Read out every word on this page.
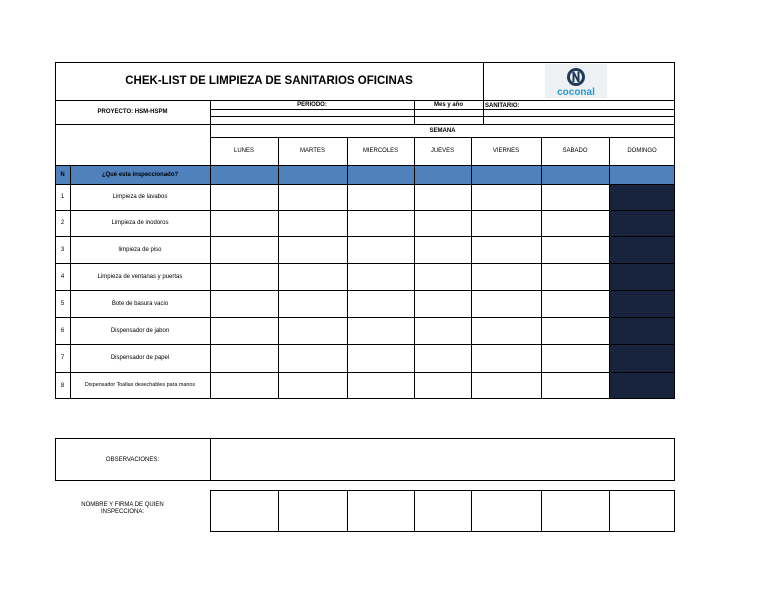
CHEK-LIST DE LIMPIEZA DE SANITARIOS OFICINAS
coconal
PROYECTO: HSM-HSPM
PERIODO:	Mes y año	SANITARIO:
SEMANA
LUNES	MARTES	MIERCOLES	JUEVES	VIERNES	SABADO	DOMINGO
N	¿Qué esta inspeccionado?
1	Limpieza de lavabos
2	Limpieza de inodoros
3	limpieza de piso
4	Limpieza de ventanas y puertas
5	Bote de basura vacio
6	Dispensador de jabon
7	Dispensador de papel
8	Dispensador Toallas desechables para manos
OBSERVACIONES:
NOMBRE Y FIRMA DE QUIEN
INSPECCIONA:
